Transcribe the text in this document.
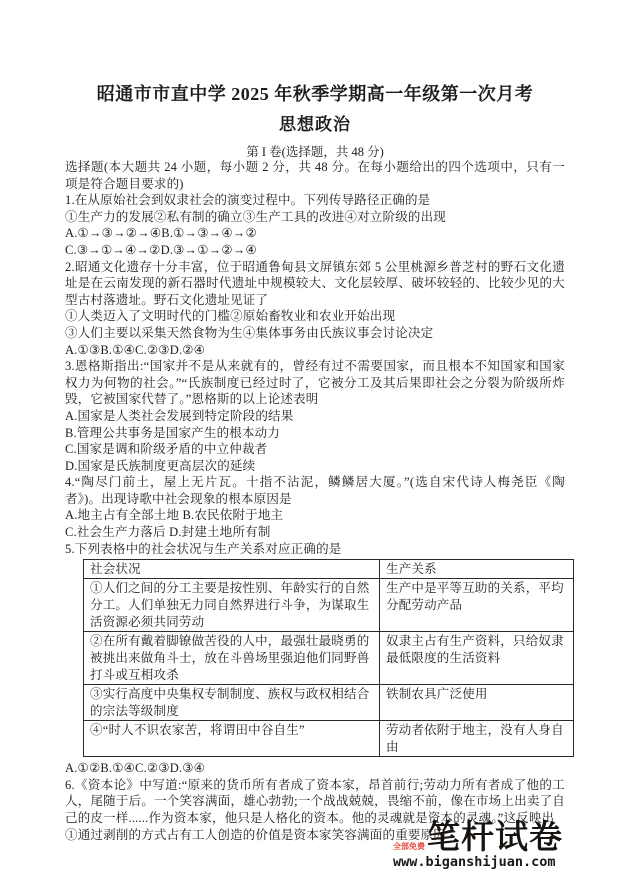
昭通市市直中学 2025 年秋季学期高一年级第一次月考
思想政治
第 I 卷(选择题，共 48 分)

选择题(本大题共 24 小题，每小题 2 分，共 48 分。在每小题给出的四个选项中，只有一项是符合题目要求的)

1.在从原始社会到奴隶社会的演变过程中。下列传导路径正确的是

①生产力的发展②私有制的确立③生产工具的改进④对立阶级的出现

A.①→③→②→④B.①→③→④→②

C.③→①→④→②D.③→①→②→④

2.昭通文化遗存十分丰富，位于昭通鲁甸县文屏镇东郊 5 公里桃源乡普芝村的野石文化遗址是在云南发现的新石器时代遗址中规模较大、文化层较厚、破坏较轻的、比较少见的大型古村落遗址。野石文化遗址见证了

①人类迈入了文明时代的门槛②原始畜牧业和农业开始出现

③人们主要以采集天然食物为生④集体事务由氏族议事会讨论决定

A.①③B.①④C.②③D.②④

3.恩格斯指出:“国家并不是从来就有的，曾经有过不需要国家，而且根本不知国家和国家权力为何物的社会。”“氏族制度已经过时了，它被分工及其后果即社会之分裂为阶级所炸毁，它被国家代替了。”恩格斯的以上论述表明

A.国家是人类社会发展到特定阶段的结果

B.管理公共事务是国家产生的根本动力

C.国家是调和阶级矛盾的中立仲裁者

D.国家是氏族制度更高层次的延续

4.“陶尽门前土，屋上无片瓦。十指不沾泥，鳞鳞居大厦。”(选自宋代诗人梅尧臣《陶者》)。出现诗歌中社会现象的根本原因是

A.地主占有全部土地 B.农民依附于地主

C.社会生产力落后 D.封建土地所有制

5.下列表格中的社会状况与生产关系对应正确的是

社会状况	生产关系
①人们之间的分工主要是按性别、年龄实行的自然分工。人们单独无力同自然界进行斗争，为谋取生活资源必须共同劳动	生产中是平等互助的关系，平均分配劳动产品
②在所有戴着脚镣做苦役的人中，最强壮最晓勇的被挑出来做角斗士，放在斗兽场里强迫他们同野兽打斗或互相攻杀	奴隶主占有生产资料，只给奴隶最低限度的生活资料
③实行高度中央集权专制制度、族权与政权相结合的宗法等级制度	铁制农具广泛使用
④“时人不识农家苦，将谓田中谷自生”	劳动者依附于地主，没有人身自由

A.①②B.①④C.②③D.③④

6.《资本论》中写道:“原来的货币所有者成了资本家，昂首前行;劳动力所有者成了他的工人，尾随于后。一个笑容满面，雄心勃勃;一个战战兢兢，畏缩不前，像在市场上出卖了自己的皮一样......作为资本家，他只是人格化的资本。他的灵魂就是资本的灵魂。”这反映出

①通过剥削的方式占有工人创造的价值是资本家笑容满面的重要原因

全部免费 笔杆试卷
www.biganshijuan.com
